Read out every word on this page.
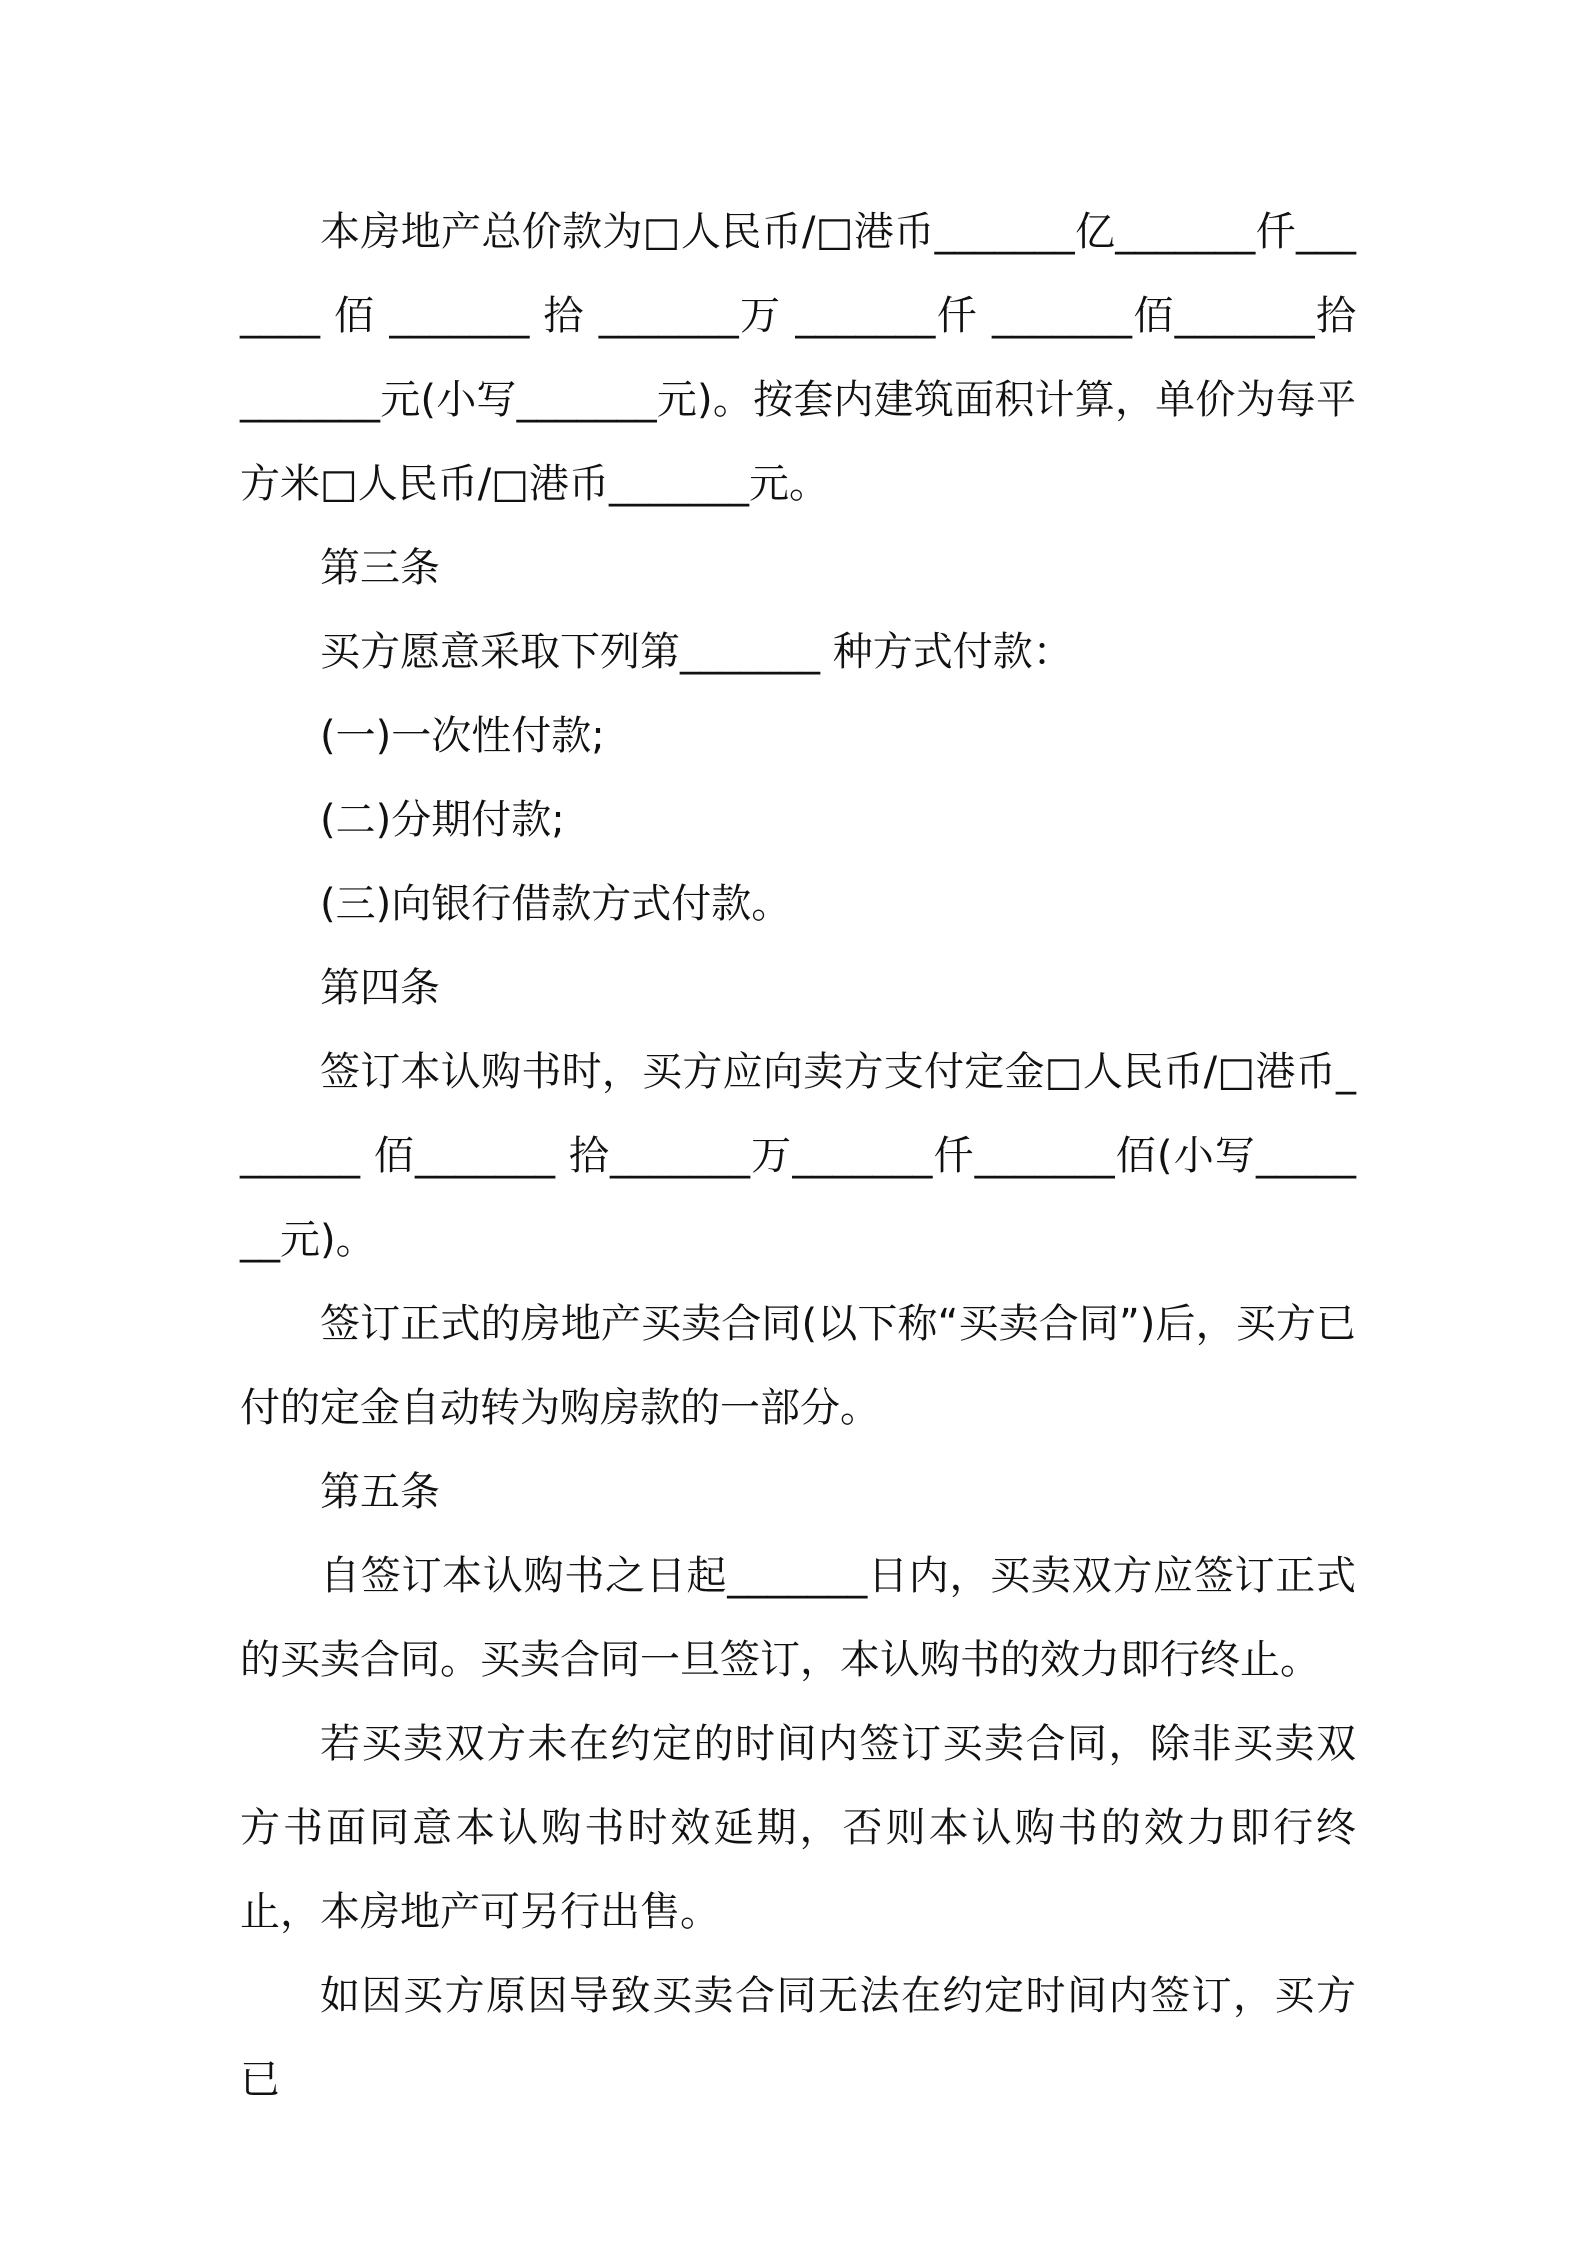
本房地产总价款为□人民币/□港币_______亿_______仟_______ 佰 _______ 拾 _______万 _______仟 _______佰_______拾_______元(小写_______元)。按套内建筑面积计算，单价为每平方米□人民币/□港币_______元。

第三条

买方愿意采取下列第_______ 种方式付款：

(一)一次性付款;

(二)分期付款;

(三)向银行借款方式付款。

第四条

签订本认购书时，买方应向卖方支付定金□人民币/□港币_______ 佰_______ 拾_______万_______仟_______佰(小写_______元)。

签订正式的房地产买卖合同(以下称“买卖合同”)后，买方已付的定金自动转为购房款的一部分。

第五条

自签订本认购书之日起_______日内，买卖双方应签订正式的买卖合同。买卖合同一旦签订，本认购书的效力即行终止。

若买卖双方未在约定的时间内签订买卖合同，除非买卖双方书面同意本认购书时效延期，否则本认购书的效力即行终止，本房地产可另行出售。

如因买方原因导致买卖合同无法在约定时间内签订，买方已
